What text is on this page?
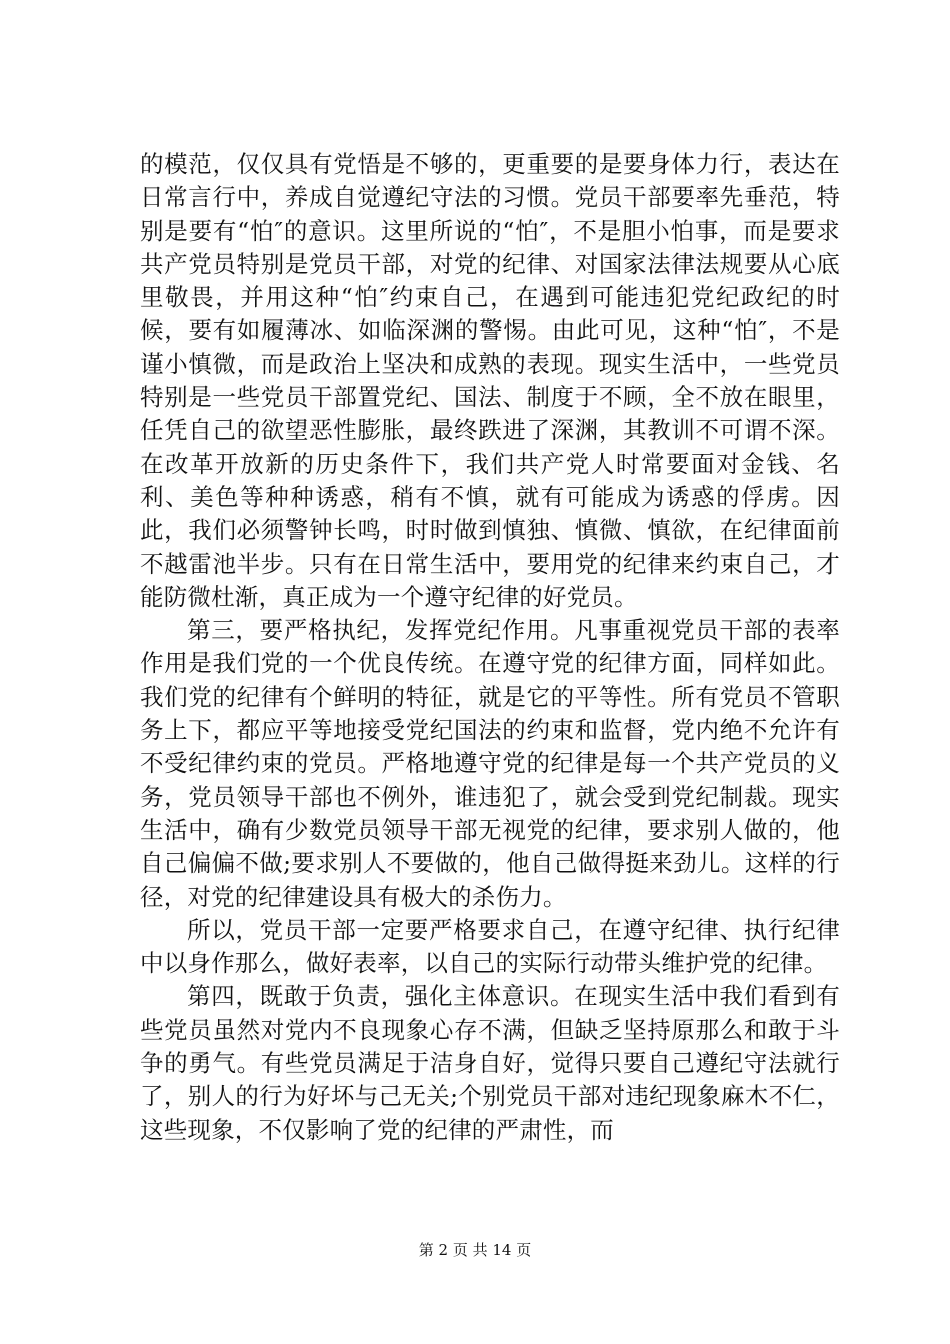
的模范，仅仅具有党悟是不够的，更重要的是要身体力行，表达在日常言行中，养成自觉遵纪守法的习惯。党员干部要率先垂范，特别是要有“怕″的意识。这里所说的“怕″，不是胆小怕事，而是要求共产党员特别是党员干部，对党的纪律、对国家法律法规要从心底里敬畏，并用这种“怕″约束自己，在遇到可能违犯党纪政纪的时候，要有如履薄冰、如临深渊的警惕。由此可见，这种“怕″，不是谨小慎微，而是政治上坚决和成熟的表现。现实生活中，一些党员特别是一些党员干部置党纪、国法、制度于不顾，全不放在眼里，任凭自己的欲望恶性膨胀，最终跌进了深渊，其教训不可谓不深。在改革开放新的历史条件下，我们共产党人时常要面对金钱、名利、美色等种种诱惑，稍有不慎，就有可能成为诱惑的俘虏。因此，我们必须警钟长鸣，时时做到慎独、慎微、慎欲，在纪律面前不越雷池半步。只有在日常生活中，要用党的纪律来约束自己，才能防微杜渐，真正成为一个遵守纪律的好党员。

第三，要严格执纪，发挥党纪作用。凡事重视党员干部的表率作用是我们党的一个优良传统。在遵守党的纪律方面，同样如此。我们党的纪律有个鲜明的特征，就是它的平等性。所有党员不管职务上下，都应平等地接受党纪国法的约束和监督，党内绝不允许有不受纪律约束的党员。严格地遵守党的纪律是每一个共产党员的义务，党员领导干部也不例外，谁违犯了，就会受到党纪制裁。现实生活中，确有少数党员领导干部无视党的纪律，要求别人做的，他自己偏偏不做;要求别人不要做的，他自己做得挺来劲儿。这样的行径，对党的纪律建设具有极大的杀伤力。

所以，党员干部一定要严格要求自己，在遵守纪律、执行纪律中以身作那么，做好表率，以自己的实际行动带头维护党的纪律。

第四，既敢于负责，强化主体意识。在现实生活中我们看到有些党员虽然对党内不良现象心存不满，但缺乏坚持原那么和敢于斗争的勇气。有些党员满足于洁身自好，觉得只要自己遵纪守法就行了，别人的行为好坏与己无关;个别党员干部对违纪现象麻木不仁，这些现象，不仅影响了党的纪律的严肃性，而

第 2 页 共 14 页
